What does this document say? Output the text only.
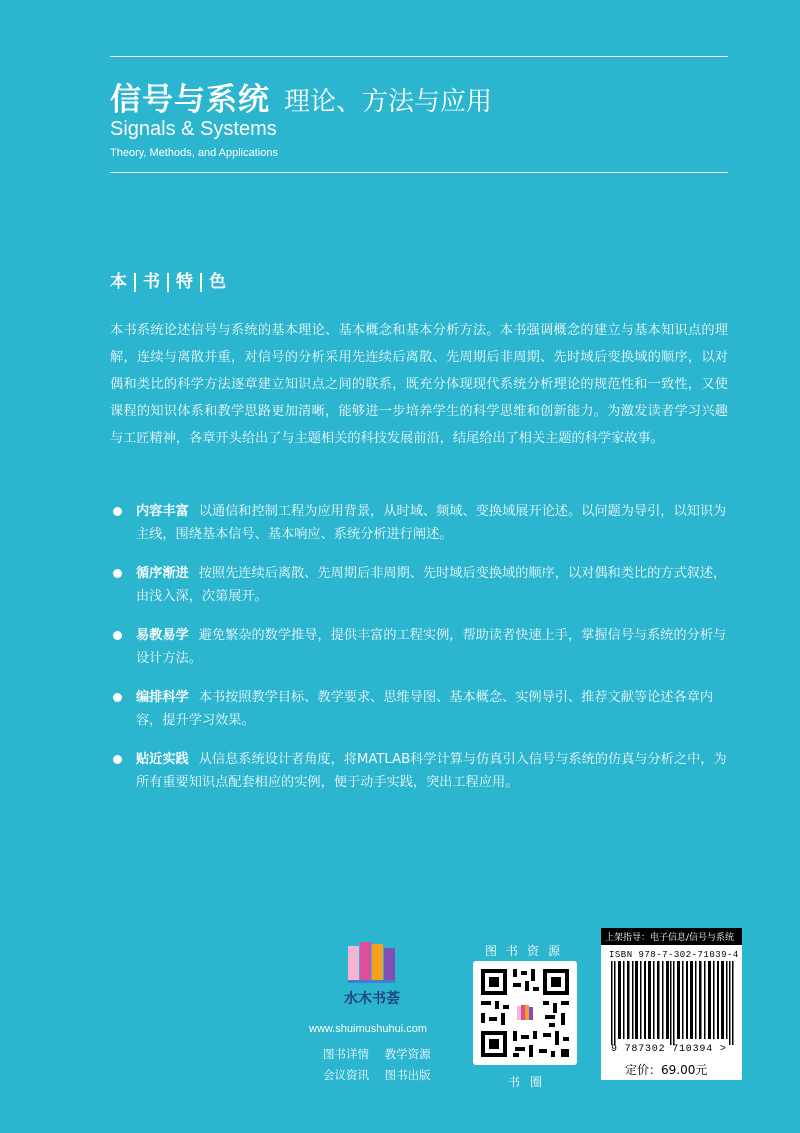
信号与系统 理论、方法与应用
Signals & Systems
Theory, Methods, and Applications
本 书 特 色
本书系统论述信号与系统的基本理论、基本概念和基本分析方法。本书强调概念的建立与基本知识点的理解，连续与离散并重，对信号的分析采用先连续后离散、先周期后非周期、先时域后变换域的顺序，以对偶和类比的科学方法逐章建立知识点之间的联系，既充分体现现代系统分析理论的规范性和一致性，又使课程的知识体系和教学思路更加清晰，能够进一步培养学生的科学思维和创新能力。为激发读者学习兴趣与工匠精神，各章开头给出了与主题相关的科技发展前沿，结尾给出了相关主题的科学家故事。
内容丰富 以通信和控制工程为应用背景，从时域、频域、变换域展开论述。以问题为导引，以知识为主线，围绕基本信号、基本响应、系统分析进行阐述。
循序渐进 按照先连续后离散、先周期后非周期、先时域后变换域的顺序，以对偶和类比的方式叙述，由浅入深，次第展开。
易教易学 避免繁杂的数学推导，提供丰富的工程实例，帮助读者快速上手，掌握信号与系统的分析与设计方法。
编排科学 本书按照教学目标、教学要求、思维导图、基本概念、实例导引、推荐文献等论述各章内容，提升学习效果。
贴近实践 从信息系统设计者角度，将MATLAB科学计算与仿真引入信号与系统的仿真与分析之中，为所有重要知识点配套相应的实例，便于动手实践，突出工程应用。
水木书荟
www.shuimushuhui.com
图书详情 教学资源
会议资讯 图书出版
图书资源
书圈
上架指导：电子信息/信号与系统
ISBN 978-7-302-71039-4
9 787302 710394 >
定价：69.00元
